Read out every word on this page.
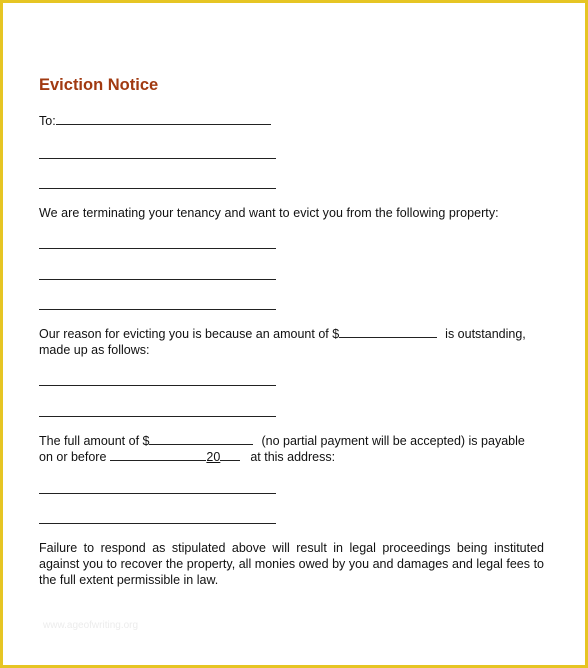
Eviction Notice
To:
We are terminating your tenancy and want to evict you from the following property:
Our reason for evicting you is because an amount of $	is outstanding,
made up as follows:
The full amount of $	(no partial payment will be accepted) is payable
on or before	20 at this address:
Failure to respond as stipulated above will result in legal proceedings being instituted against you to recover the property, all monies owed by you and damages and legal fees to the full extent permissible in law.
www.ageofwriting.org
